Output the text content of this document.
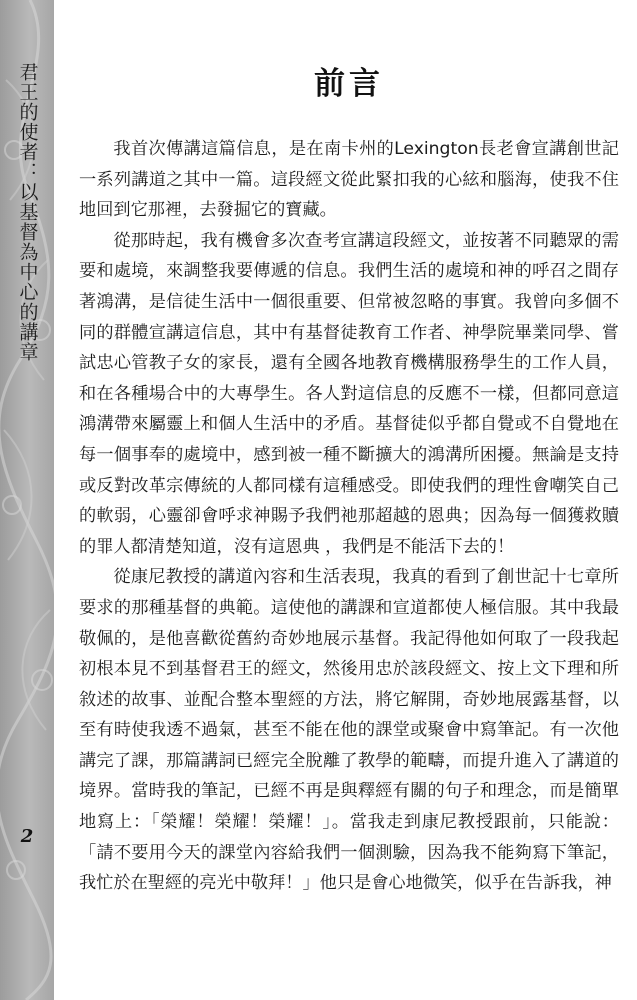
君王的使者：以基督為中心的講章
2
前言

我首次傳講這篇信息，是在南卡州的Lexington長老會宣講創世記一系列講道之其中一篇。這段經文從此緊扣我的心絃和腦海，使我不住地回到它那裡，去發掘它的寶藏。

從那時起，我有機會多次查考宣講這段經文，並按著不同聽眾的需要和處境，來調整我要傳遞的信息。我們生活的處境和神的呼召之間存著鴻溝，是信徒生活中一個很重要、但常被忽略的事實。我曾向多個不同的群體宣講這信息，其中有基督徒教育工作者、神學院畢業同學、嘗試忠心管教子女的家長，還有全國各地教育機構服務學生的工作人員，和在各種場合中的大專學生。各人對這信息的反應不一樣，但都同意這鴻溝帶來屬靈上和個人生活中的矛盾。基督徒似乎都自覺或不自覺地在每一個事奉的處境中，感到被一種不斷擴大的鴻溝所困擾。無論是支持或反對改革宗傳統的人都同樣有這種感受。即使我們的理性會嘲笑自己的軟弱，心靈卻會呼求神賜予我們祂那超越的恩典；因為每一個獲救贖的罪人都清楚知道，沒有這恩典 ，我們是不能活下去的！

從康尼教授的講道內容和生活表現，我真的看到了創世記十七章所要求的那種基督的典範。這使他的講課和宣道都使人極信服。其中我最敬佩的，是他喜歡從舊約奇妙地展示基督。我記得他如何取了一段我起初根本見不到基督君王的經文，然後用忠於該段經文、按上文下理和所敘述的故事、並配合整本聖經的方法，將它解開，奇妙地展露基督，以至有時使我透不過氣，甚至不能在他的課堂或聚會中寫筆記。有一次他講完了課，那篇講詞已經完全脫離了教學的範疇，而提升進入了講道的境界。當時我的筆記，已經不再是與釋經有關的句子和理念，而是簡單地寫上：「榮耀！榮耀！榮耀！」。當我走到康尼教授跟前，只能說：「請不要用今天的課堂內容給我們一個測驗，因為我不能夠寫下筆記，我忙於在聖經的亮光中敬拜！」他只是會心地微笑，似乎在告訴我，神
